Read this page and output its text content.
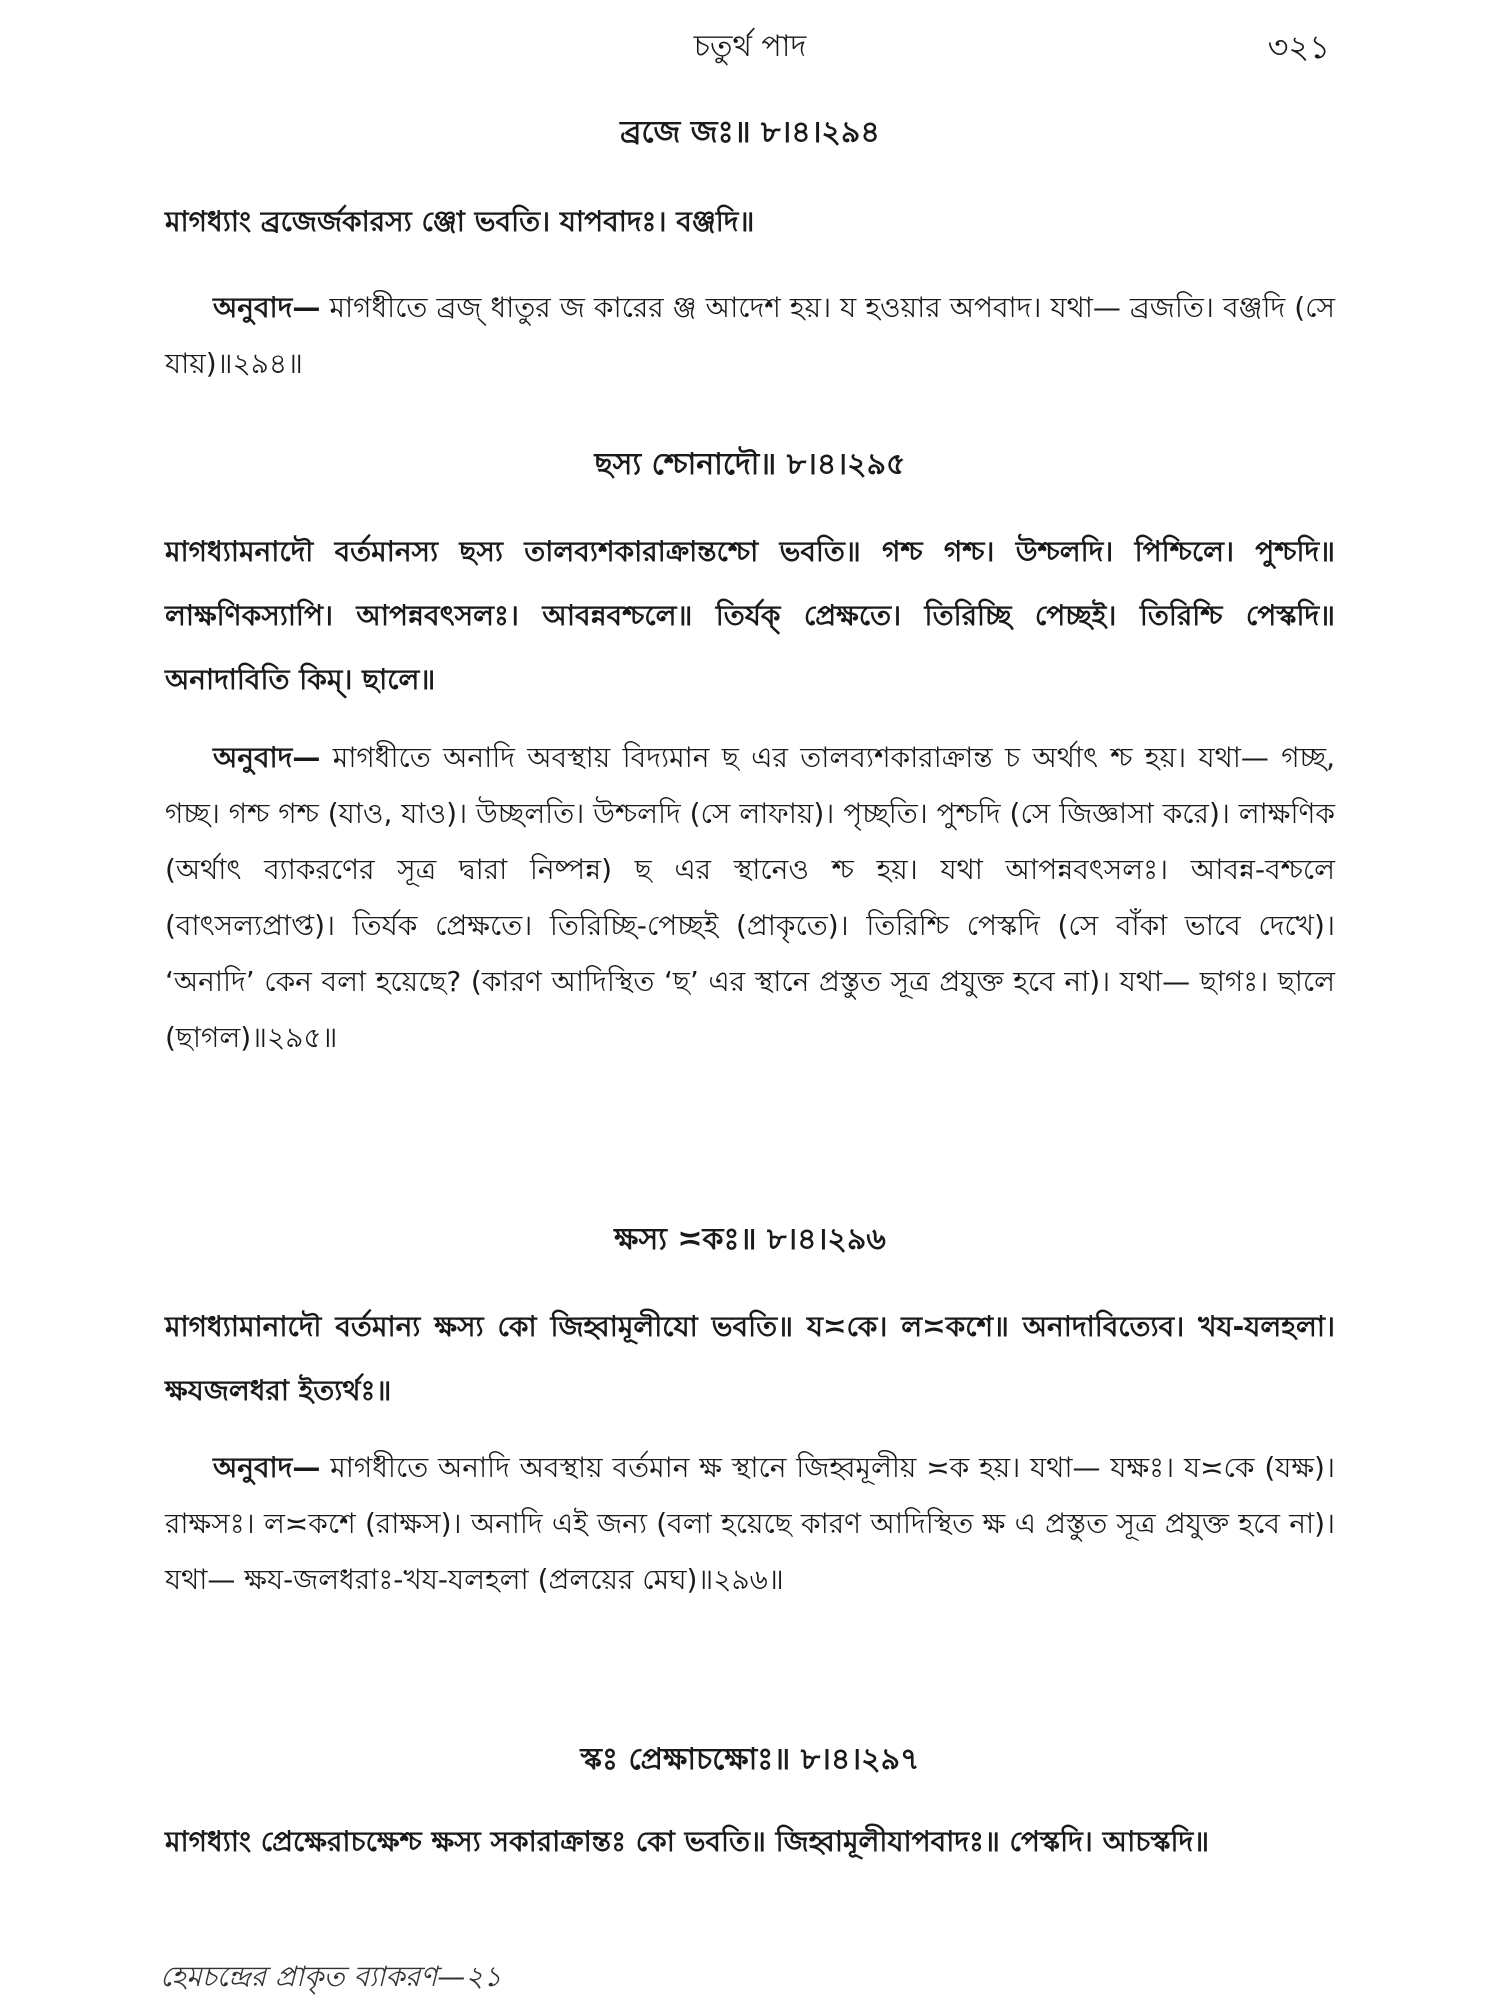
চতুর্থ পাদ	৩২১
ব্রজে জঃ॥ ৮।৪।২৯৪

মাগধ্যাং ব্রজের্জকারস্য ঞ্জো ভবতি। যাপবাদঃ। বঞ্জদি॥

অনুবাদ— মাগধীতে ব্রজ্‌ ধাতুর জ কারের ঞ্জ আদেশ হয়। য হওয়ার অপবাদ। যথা— ব্রজতি। বঞ্জদি (সে যায়)॥২৯৪॥

ছস্য শ্চোনাদৌ॥ ৮।৪।২৯৫

মাগধ্যামনাদৌ বর্তমানস্য ছস্য তালব্যশকারাক্রান্তশ্চো ভবতি॥ গশ্চ গশ্চ। উশ্চলদি। পিশ্চিলে। পুশ্চদি॥ লাক্ষণিকস্যাপি। আপন্নবৎসলঃ। আবন্নবশ্চলে॥ তির্যক্‌ প্রেক্ষতে। তিরিচ্ছি পেচ্ছই। তিরিশ্চি পেস্কদি॥ অনাদাবিতি কিম্‌। ছালে॥

অনুবাদ— মাগধীতে অনাদি অবস্থায় বিদ্যমান ছ এর তালব্যশকারাক্রান্ত চ অর্থাৎ শ্চ হয়। যথা— গচ্ছ, গচ্ছ। গশ্চ গশ্চ (যাও, যাও)। উচ্ছলতি। উশ্চলদি (সে লাফায়)। পৃচ্ছতি। পুশ্চদি (সে জিজ্ঞাসা করে)। লাক্ষণিক (অর্থাৎ ব্যাকরণের সূত্র দ্বারা নিষ্পন্ন) ছ এর স্থানেও শ্চ হয়। যথা আপন্নবৎসলঃ। আবন্ন-বশ্চলে (বাৎসল্যপ্রাপ্ত)। তির্যক প্রেক্ষতে। তিরিচ্ছি-পেচ্ছই (প্রাকৃতে)। তিরিশ্চি পেস্কদি (সে বাঁকা ভাবে দেখে)। ‘অনাদি’ কেন বলা হয়েছে? (কারণ আদিস্থিত ‘ছ’ এর স্থানে প্রস্তুত সূত্র প্রযুক্ত হবে না)। যথা— ছাগঃ। ছালে (ছাগল)॥২৯৫॥

ক্ষস্য ≍কঃ॥ ৮।৪।২৯৬

মাগধ্যামানাদৌ বর্তমান্য ক্ষস্য কো জিহ্বামূলীযো ভবতি॥ য≍কে। ল≍কশে॥ অনাদাবিত্যেব। খয-যলহলা। ক্ষযজলধরা ইত্যর্থঃ॥

অনুবাদ— মাগধীতে অনাদি অবস্থায় বর্তমান ক্ষ স্থানে জিহ্বমূলীয় ≍ক হয়। যথা— যক্ষঃ। য≍কে (যক্ষ)। রাক্ষসঃ। ল≍কশে (রাক্ষস)। অনাদি এই জন্য (বলা হয়েছে কারণ আদিস্থিত ক্ষ এ প্রস্তুত সূত্র প্রযুক্ত হবে না)। যথা— ক্ষয-জলধরাঃ-খয-যলহলা (প্রলয়ের মেঘ)॥২৯৬॥

স্কঃ প্রেক্ষাচক্ষোঃ॥ ৮।৪।২৯৭

মাগধ্যাং প্রেক্ষেরাচক্ষেশ্চ ক্ষস্য সকারাক্রান্তঃ কো ভবতি॥ জিহ্বামূলীযাপবাদঃ॥ পেস্কদি। আচস্কদি॥

হেমচন্দ্রের প্রাকৃত ব্যাকরণ—২১
